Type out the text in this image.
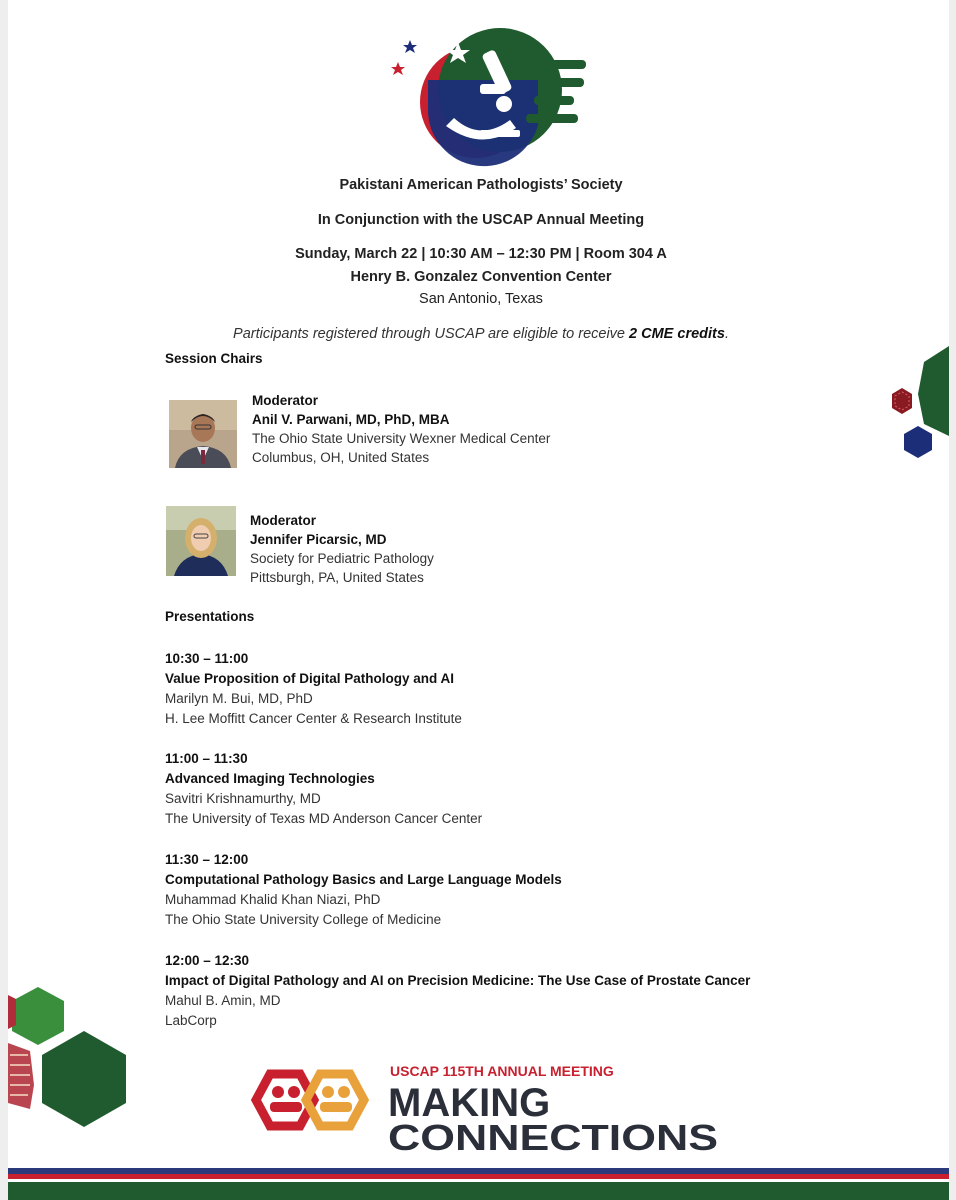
Pakistani American Pathologists’ Society
In Conjunction with the USCAP Annual Meeting
Sunday, March 22 | 10:30 AM – 12:30 PM | Room 304 A
Henry B. Gonzalez Convention Center
San Antonio, Texas
Participants registered through USCAP are eligible to receive 2 CME credits.
Session Chairs
Moderator
Anil V. Parwani, MD, PhD, MBA
The Ohio State University Wexner Medical Center
Columbus, OH, United States
Moderator
Jennifer Picarsic, MD
Society for Pediatric Pathology
Pittsburgh, PA, United States
Presentations
10:30 – 11:00
Value Proposition of Digital Pathology and AI
Marilyn M. Bui, MD, PhD
H. Lee Moffitt Cancer Center & Research Institute
11:00 – 11:30
Advanced Imaging Technologies
Savitri Krishnamurthy, MD
The University of Texas MD Anderson Cancer Center
11:30 – 12:00
Computational Pathology Basics and Large Language Models
Muhammad Khalid Khan Niazi, PhD
The Ohio State University College of Medicine
12:00 – 12:30
Impact of Digital Pathology and AI on Precision Medicine: The Use Case of Prostate Cancer
Mahul B. Amin, MD
LabCorp
USCAP 115TH ANNUAL MEETING
MAKING
CONNECTIONS
